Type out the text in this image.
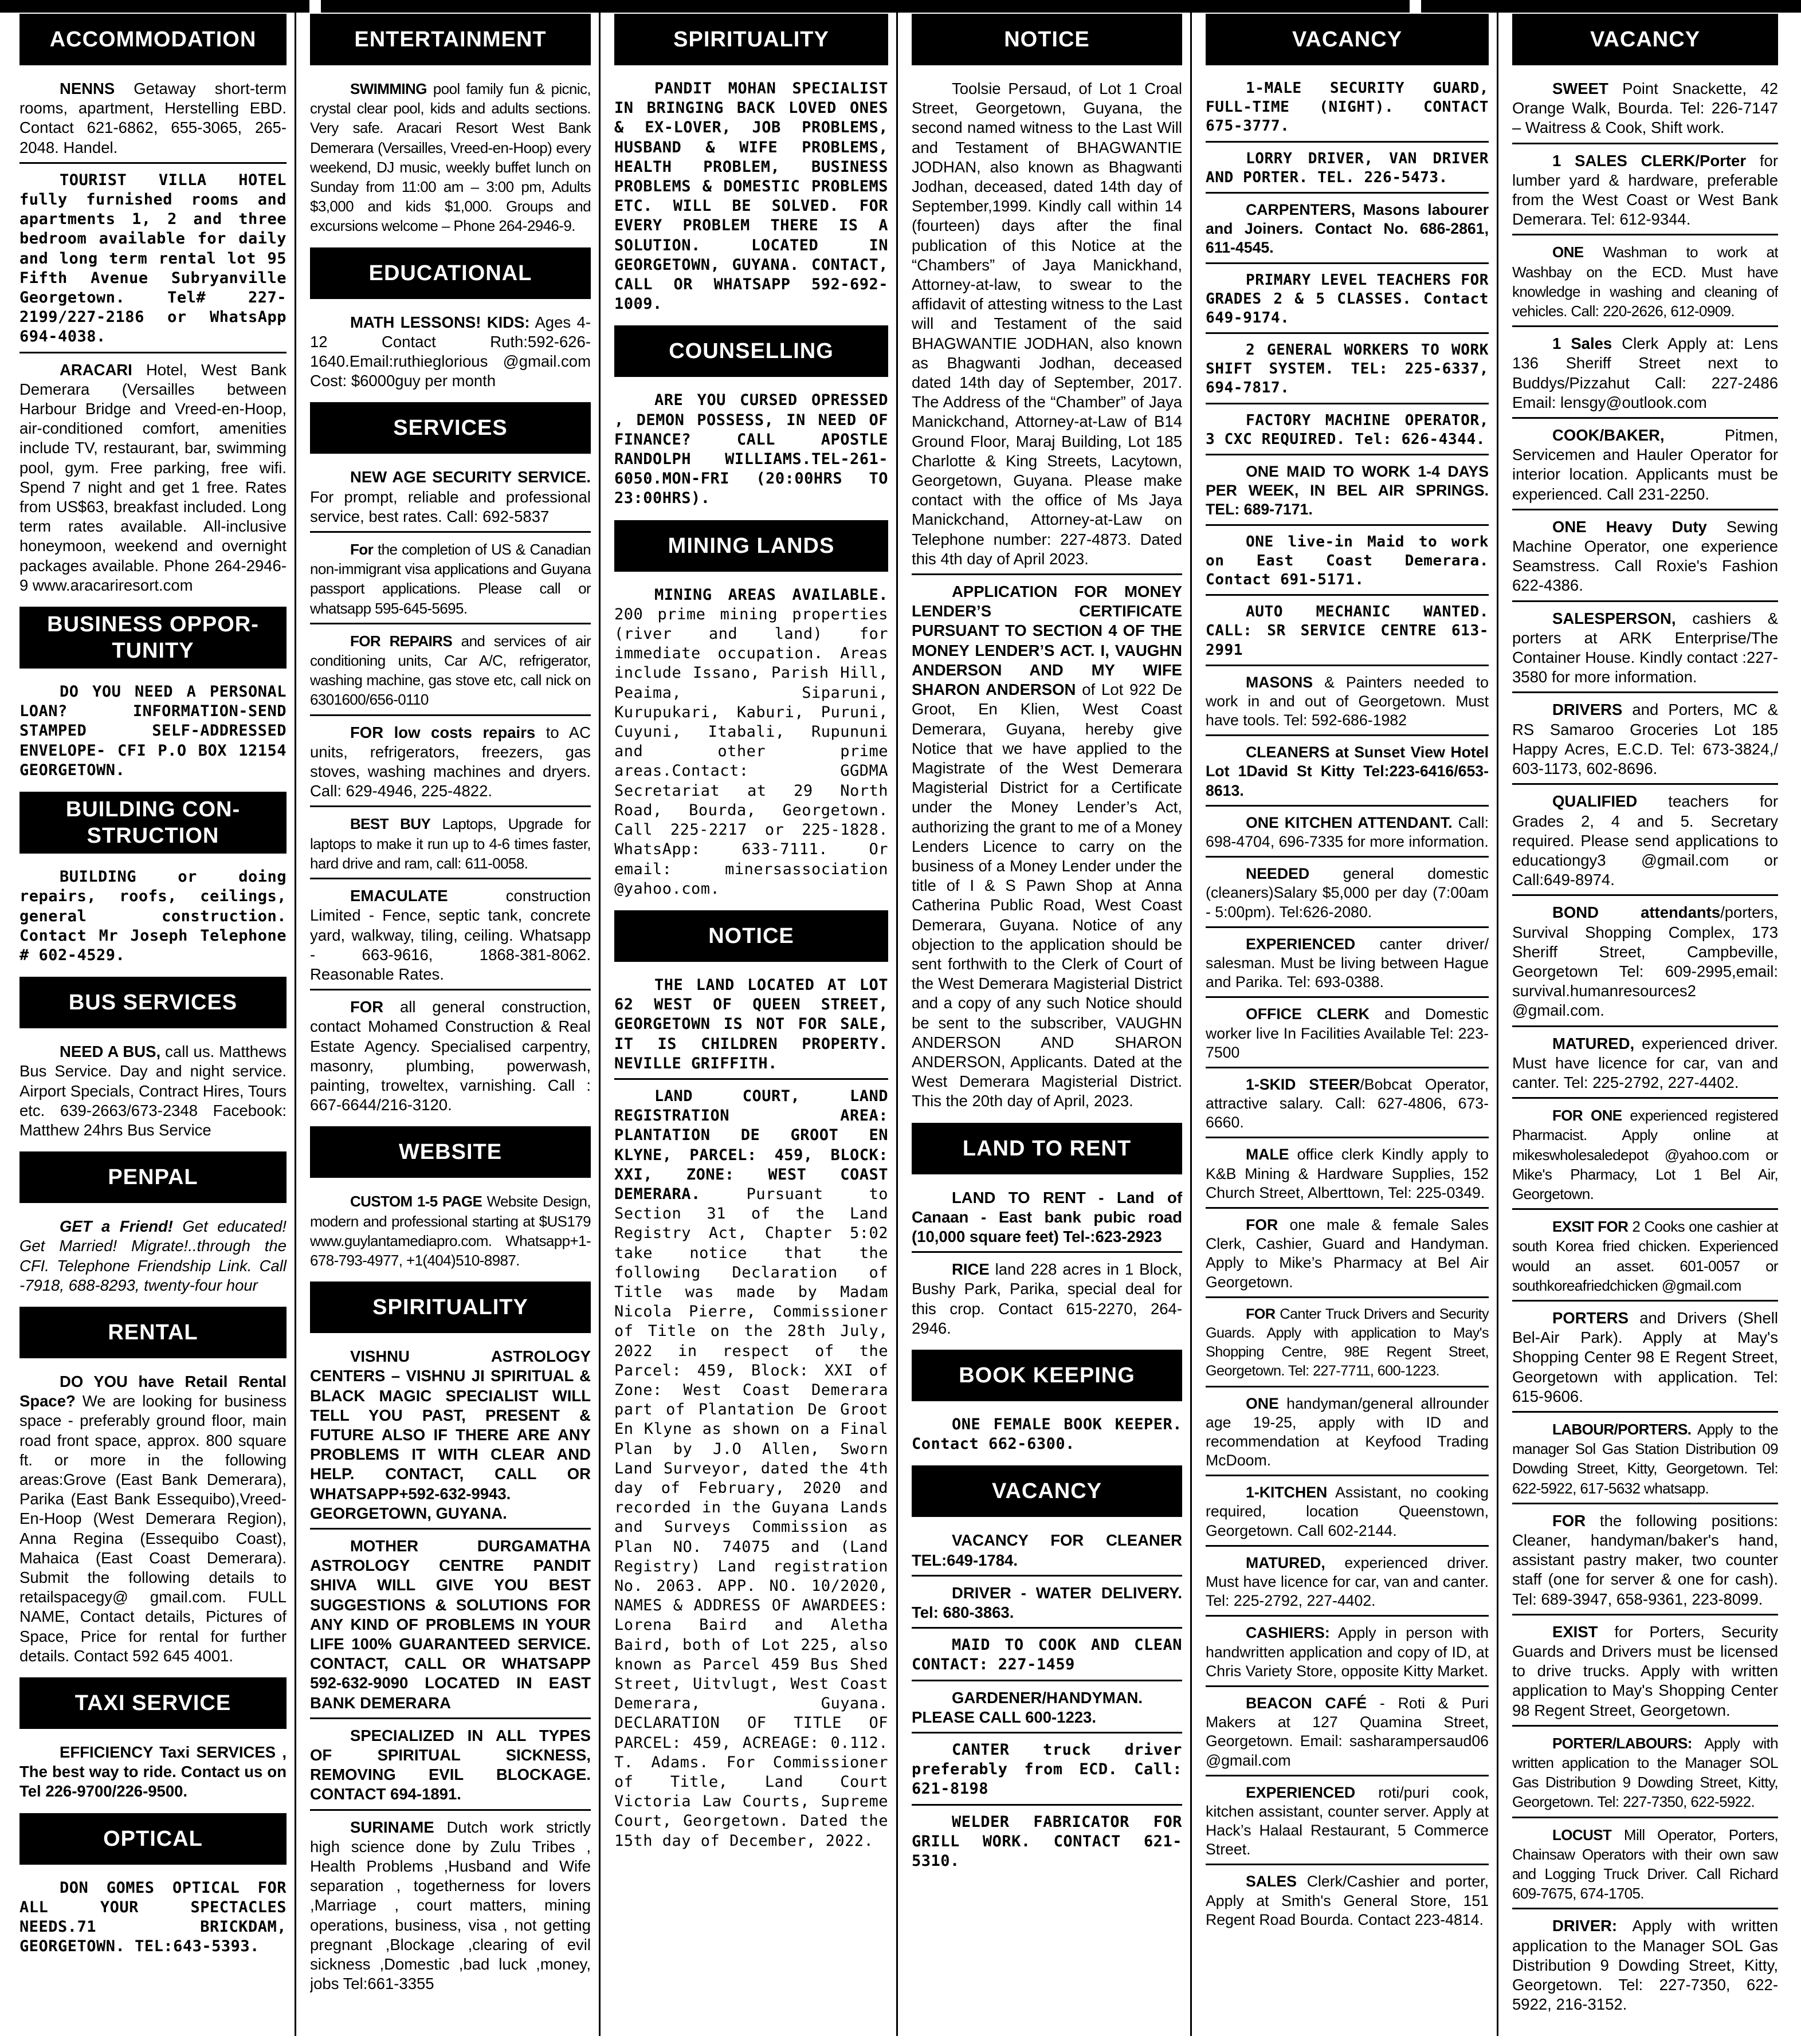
ACCOMMODATION

NENNS Getaway short-term rooms, apartment, Herstelling EBD. Contact 621-6862, 655-3065, 265-2048. Handel.

TOURIST VILLA HOTEL fully furnished rooms and apartments 1, 2 and three bedroom available for daily and long term rental lot 95 Fifth Avenue Subryanville Georgetown. Tel# 227-2199/227-2186 or WhatsApp 694-4038.

ARACARI Hotel, West Bank Demerara (Versailles between Harbour Bridge and Vreed-en-Hoop, air-conditioned comfort, amenities include TV, restaurant, bar, swimming pool, gym. Free parking, free wifi. Spend 7 night and get 1 free. Rates from US$63, breakfast included. Long term rates available. All-inclusive honeymoon, weekend and overnight packages available. Phone 264-2946-9 www.aracariresort.com

BUSINESS OPPOR-TUNITY

DO YOU NEED A PERSONAL LOAN? INFORMATION-SEND STAMPED SELF-ADDRESSED ENVELOPE- CFI P.O BOX 12154 GEORGETOWN.

BUILDING CON-STRUCTION

BUILDING or doing repairs, roofs, ceilings, general construction. Contact Mr Joseph Telephone # 602-4529.

BUS SERVICES

NEED A BUS, call us. Matthews Bus Service. Day and night service. Airport Specials, Contract Hires, Tours etc. 639-2663/673-2348 Facebook: Matthew 24hrs Bus Service

PENPAL

GET a Friend! Get educated! Get Married! Migrate!..through the CFI. Telephone Friendship Link. Call -7918, 688-8293, twenty-four hour

RENTAL

DO YOU have Retail Rental Space? We are looking for business space - preferably ground floor, main road front space, approx. 800 square ft. or more in the following areas:Grove (East Bank Demerara), Parika (East Bank Essequibo),Vreed-En-Hoop (West Demerara Region), Anna Regina (Essequibo Coast), Mahaica (East Coast Demerara). Submit the following details to retailspacegy@ gmail.com. FULL NAME, Contact details, Pictures of Space, Price for rental for further details. Contact 592 645 4001.

TAXI SERVICE

EFFICIENCY Taxi SERVICES , The best way to ride. Contact us on Tel 226-9700/226-9500.

OPTICAL

DON GOMES OPTICAL FOR ALL YOUR SPECTACLES NEEDS.71 BRICKDAM, GEORGETOWN. TEL:643-5393.

ENTERTAINMENT

SWIMMING pool family fun & picnic, crystal clear pool, kids and adults sections. Very safe. Aracari Resort West Bank Demerara (Versailles, Vreed-en-Hoop) every weekend, DJ music, weekly buffet lunch on Sunday from 11:00 am – 3:00 pm, Adults $3,000 and kids $1,000. Groups and excursions welcome – Phone 264-2946-9.

EDUCATIONAL

MATH LESSONS! KIDS: Ages 4-12 Contact Ruth:592-626-1640.Email:ruthieglorious @gmail.com Cost: $6000guy per month

SERVICES

NEW AGE SECURITY SERVICE. For prompt, reliable and professional service, best rates. Call: 692-5837

For the completion of US & Canadian non-immigrant visa applications and Guyana passport applications. Please call or whatsapp 595-645-5695.

FOR REPAIRS and services of air conditioning units, Car A/C, refrigerator, washing machine, gas stove etc, call nick on 6301600/656-0110

FOR low costs repairs to AC units, refrigerators, freezers, gas stoves, washing machines and dryers. Call: 629-4946, 225-4822.

BEST BUY Laptops, Upgrade for laptops to make it run up to 4-6 times faster, hard drive and ram, call: 611-0058.

EMACULATE construction Limited - Fence, septic tank, concrete yard, walkway, tiling, ceiling. Whatsapp - 663-9616, 1868-381-8062. Reasonable Rates.

FOR all general construction, contact Mohamed Construction & Real Estate Agency. Specialised carpentry, masonry, plumbing, powerwash, painting, troweltex, varnishing. Call : 667-6644/216-3120.

WEBSITE

CUSTOM 1-5 PAGE Website Design, modern and professional starting at $US179 www.guylantamediapro.com. Whatsapp+1-678-793-4977, +1(404)510-8987.

SPIRITUALITY

VISHNU ASTROLOGY CENTERS – VISHNU JI SPIRITUAL & BLACK MAGIC SPECIALIST WILL TELL YOU PAST, PRESENT & FUTURE ALSO IF THERE ARE ANY PROBLEMS IT WITH CLEAR AND HELP. CONTACT, CALL OR WHATSAPP+592-632-9943. GEORGETOWN, GUYANA.

MOTHER DURGAMATHA ASTROLOGY CENTRE PANDIT SHIVA WILL GIVE YOU BEST SUGGESTIONS & SOLUTIONS FOR ANY KIND OF PROBLEMS IN YOUR LIFE 100% GUARANTEED SERVICE. CONTACT, CALL OR WHATSAPP 592-632-9090 LOCATED IN EAST BANK DEMERARA

SPECIALIZED IN ALL TYPES OF SPIRITUAL SICKNESS, REMOVING EVIL BLOCKAGE. CONTACT 694-1891.

SURINAME Dutch work strictly high science done by Zulu Tribes , Health Problems ,Husband and Wife separation , togetherness for lovers ,Marriage , court matters, mining operations, business, visa , not getting pregnant ,Blockage ,clearing of evil sickness ,Domestic ,bad luck ,money, jobs Tel:661-3355

SPIRITUALITY

PANDIT MOHAN SPECIALIST IN BRINGING BACK LOVED ONES & EX-LOVER, JOB PROBLEMS, HUSBAND & WIFE PROBLEMS, HEALTH PROBLEM, BUSINESS PROBLEMS & DOMESTIC PROBLEMS ETC. WILL BE SOLVED. FOR EVERY PROBLEM THERE IS A SOLUTION. LOCATED IN GEORGETOWN, GUYANA. CONTACT, CALL OR WHATSAPP 592-692-1009.

COUNSELLING

ARE YOU CURSED OPRESSED , DEMON POSSESS, IN NEED OF FINANCE? CALL APOSTLE RANDOLPH WILLIAMS.TEL-261-6050.MON-FRI (20:00HRS TO 23:00HRS).

MINING LANDS

MINING AREAS AVAILABLE. 200 prime mining properties (river and land) for immediate occupation. Areas include Issano, Parish Hill, Peaima, Siparuni, Kurupukari, Kaburi, Puruni, Cuyuni, Itabali, Rupununi and other prime areas.Contact: GGDMA Secretariat at 29 North Road, Bourda, Georgetown. Call 225-2217 or 225-1828. WhatsApp: 633-7111. Or email: minersassociation @yahoo.com.

NOTICE

THE LAND LOCATED AT LOT 62 WEST OF QUEEN STREET, GEORGETOWN IS NOT FOR SALE, IT IS CHILDREN PROPERTY. NEVILLE GRIFFITH.

LAND COURT, LAND REGISTRATION AREA: PLANTATION DE GROOT EN KLYNE, PARCEL: 459, BLOCK: XXI, ZONE: WEST COAST DEMERARA. Pursuant to Section 31 of the Land Registry Act, Chapter 5:02 take notice that the following Declaration of Title was made by Madam Nicola Pierre, Commissioner of Title on the 28th July, 2022 in respect of the Parcel: 459, Block: XXI of Zone: West Coast Demerara part of Plantation De Groot En Klyne as shown on a Final Plan by J.O Allen, Sworn Land Surveyor, dated the 4th day of February, 2020 and recorded in the Guyana Lands and Surveys Commission as Plan NO. 74075 and (Land Registry) Land registration No. 2063. APP. NO. 10/2020, NAMES & ADDRESS OF AWARDEES: Lorena Baird and Aletha Baird, both of Lot 225, also known as Parcel 459 Bus Shed Street, Uitvlugt, West Coast Demerara, Guyana. DECLARATION OF TITLE OF PARCEL: 459, ACREAGE: 0.112. T. Adams. For Commissioner of Title, Land Court Victoria Law Courts, Supreme Court, Georgetown. Dated the 15th day of December, 2022.

NOTICE

Toolsie Persaud, of Lot 1 Croal Street, Georgetown, Guyana, the second named witness to the Last Will and Testament of BHAGWANTIE JODHAN, also known as Bhagwanti Jodhan, deceased, dated 14th day of September,1999. Kindly call within 14 (fourteen) days after the final publication of this Notice at the “Chambers” of Jaya Manickhand, Attorney-at-law, to swear to the affidavit of attesting witness to the Last will and Testament of the said BHAGWANTIE JODHAN, also known as Bhagwanti Jodhan, deceased dated 14th day of September, 2017. The Address of the “Chamber” of Jaya Manickchand, Attorney-at-Law of B14 Ground Floor, Maraj Building, Lot 185 Charlotte & King Streets, Lacytown, Georgetown, Guyana. Please make contact with the office of Ms Jaya Manickchand, Attorney-at-Law on Telephone number: 227-4873. Dated this 4th day of April 2023.

APPLICATION FOR MONEY LENDER’S CERTIFICATE PURSUANT TO SECTION 4 OF THE MONEY LENDER’S ACT. I, VAUGHN ANDERSON AND MY WIFE SHARON ANDERSON of Lot 922 De Groot, En Klien, West Coast Demerara, Guyana, hereby give Notice that we have applied to the Magistrate of the West Demerara Magisterial District for a Certificate under the Money Lender’s Act, authorizing the grant to me of a Money Lenders Licence to carry on the business of a Money Lender under the title of I & S Pawn Shop at Anna Catherina Public Road, West Coast Demerara, Guyana. Notice of any objection to the application should be sent forthwith to the Clerk of Court of the West Demerara Magisterial District and a copy of any such Notice should be sent to the subscriber, VAUGHN ANDERSON AND SHARON ANDERSON, Applicants. Dated at the West Demerara Magisterial District. This the 20th day of April, 2023.

LAND TO RENT

LAND TO RENT - Land of Canaan - East bank pubic road (10,000 square feet) Tel-:623-2923

RICE land 228 acres in 1 Block, Bushy Park, Parika, special deal for this crop. Contact 615-2270, 264-2946.

BOOK KEEPING

ONE FEMALE BOOK KEEPER. Contact 662-6300.

VACANCY

VACANCY FOR CLEANER TEL:649-1784.

DRIVER - WATER DELIVERY. Tel: 680-3863.

MAID TO COOK AND CLEAN CONTACT: 227-1459

GARDENER/HANDYMAN. PLEASE CALL 600-1223.

CANTER truck driver preferably from ECD. Call: 621-8198

WELDER FABRICATOR FOR GRILL WORK. CONTACT 621-5310.

VACANCY

1-MALE SECURITY GUARD, FULL-TIME (NIGHT). CONTACT 675-3777.

LORRY DRIVER, VAN DRIVER AND PORTER. TEL. 226-5473.

CARPENTERS, Masons labourer and Joiners. Contact No. 686-2861, 611-4545.

PRIMARY LEVEL TEACHERS FOR GRADES 2 & 5 CLASSES. Contact 649-9174.

2 GENERAL WORKERS TO WORK SHIFT SYSTEM. TEL: 225-6337, 694-7817.

FACTORY MACHINE OPERATOR, 3 CXC REQUIRED. Tel: 626-4344.

ONE MAID TO WORK 1-4 DAYS PER WEEK, IN BEL AIR SPRINGS. TEL: 689-7171.

ONE live-in Maid to work on East Coast Demerara. Contact 691-5171.

AUTO MECHANIC WANTED. CALL: SR SERVICE CENTRE 613-2991

MASONS & Painters needed to work in and out of Georgetown. Must have tools. Tel: 592-686-1982

CLEANERS at Sunset View Hotel Lot 1David St Kitty Tel:223-6416/653-8613.

ONE KITCHEN ATTENDANT. Call: 698-4704, 696-7335 for more information.

NEEDED general domestic (cleaners)Salary $5,000 per day (7:00am - 5:00pm). Tel:626-2080.

EXPERIENCED canter driver/ salesman. Must be living between Hague and Parika. Tel: 693-0388.

OFFICE CLERK and Domestic worker live In Facilities Available Tel: 223-7500

1-SKID STEER/Bobcat Operator, attractive salary. Call: 627-4806, 673-6660.

MALE office clerk Kindly apply to K&B Mining & Hardware Supplies, 152 Church Street, Alberttown, Tel: 225-0349.

FOR one male & female Sales Clerk, Cashier, Guard and Handyman. Apply to Mike’s Pharmacy at Bel Air Georgetown.

FOR Canter Truck Drivers and Security Guards. Apply with application to May's Shopping Centre, 98E Regent Street, Georgetown. Tel: 227-7711, 600-1223.

ONE handyman/general allrounder age 19-25, apply with ID and recommendation at Keyfood Trading McDoom.

1-KITCHEN Assistant, no cooking required, location Queenstown, Georgetown. Call 602-2144.

MATURED, experienced driver. Must have licence for car, van and canter. Tel: 225-2792, 227-4402.

CASHIERS: Apply in person with handwritten application and copy of ID, at Chris Variety Store, opposite Kitty Market.

BEACON CAFÉ - Roti & Puri Makers at 127 Quamina Street, Georgetown. Email: sasharampersaud06 @gmail.com

EXPERIENCED roti/puri cook, kitchen assistant, counter server. Apply at Hack’s Halaal Restaurant, 5 Commerce Street.

SALES Clerk/Cashier and porter, Apply at Smith's General Store, 151 Regent Road Bourda. Contact 223-4814.

VACANCY

SWEET Point Snackette, 42 Orange Walk, Bourda. Tel: 226-7147 – Waitress & Cook, Shift work.

1 SALES CLERK/Porter for lumber yard & hardware, preferable from the West Coast or West Bank Demerara. Tel: 612-9344.

ONE Washman to work at Washbay on the ECD. Must have knowledge in washing and cleaning of vehicles. Call: 220-2626, 612-0909.

1 Sales Clerk Apply at: Lens 136 Sheriff Street next to Buddys/Pizzahut Call: 227-2486 Email: lensgy@outlook.com

COOK/BAKER, Pitmen, Servicemen and Hauler Operator for interior location. Applicants must be experienced. Call 231-2250.

ONE Heavy Duty Sewing Machine Operator, one experience Seamstress. Call Roxie's Fashion 622-4386.

SALESPERSON, cashiers & porters at ARK Enterprise/The Container House. Kindly contact :227-3580 for more information.

DRIVERS and Porters, MC & RS Samaroo Groceries Lot 185 Happy Acres, E.C.D. Tel: 673-3824,/ 603-1173, 602-8696.

QUALIFIED teachers for Grades 2, 4 and 5. Secretary required. Please send applications to educationgy3 @gmail.com or Call:649-8974.

BOND attendants/porters, Survival Shopping Complex, 173 Sheriff Street, Campbeville, Georgetown Tel: 609-2995,email: survival.humanresources2 @gmail.com.

MATURED, experienced driver. Must have licence for car, van and canter. Tel: 225-2792, 227-4402.

FOR ONE experienced registered Pharmacist. Apply online at mikeswholesaledepot @yahoo.com or Mike's Pharmacy, Lot 1 Bel Air, Georgetown.

EXSIT FOR 2 Cooks one cashier at south Korea fried chicken. Experienced would an asset. 601-0057 or southkoreafriedchicken @gmail.com

PORTERS and Drivers (Shell Bel-Air Park). Apply at May's Shopping Center 98 E Regent Street, Georgetown with application. Tel: 615-9606.

LABOUR/PORTERS. Apply to the manager Sol Gas Station Distribution 09 Dowding Street, Kitty, Georgetown. Tel: 622-5922, 617-5632 whatsapp.

FOR the following positions: Cleaner, handyman/baker's hand, assistant pastry maker, two counter staff (one for server & one for cash). Tel: 689-3947, 658-9361, 223-8099.

EXIST for Porters, Security Guards and Drivers must be licensed to drive trucks. Apply with written application to May's Shopping Center 98 Regent Street, Georgetown.

PORTER/LABOURS: Apply with written application to the Manager SOL Gas Distribution 9 Dowding Street, Kitty, Georgetown. Tel: 227-7350, 622-5922.

LOCUST Mill Operator, Porters, Chainsaw Operators with their own saw and Logging Truck Driver. Call Richard 609-7675, 674-1705.

DRIVER: Apply with written application to the Manager SOL Gas Distribution 9 Dowding Street, Kitty, Georgetown. Tel: 227-7350, 622-5922, 216-3152.
